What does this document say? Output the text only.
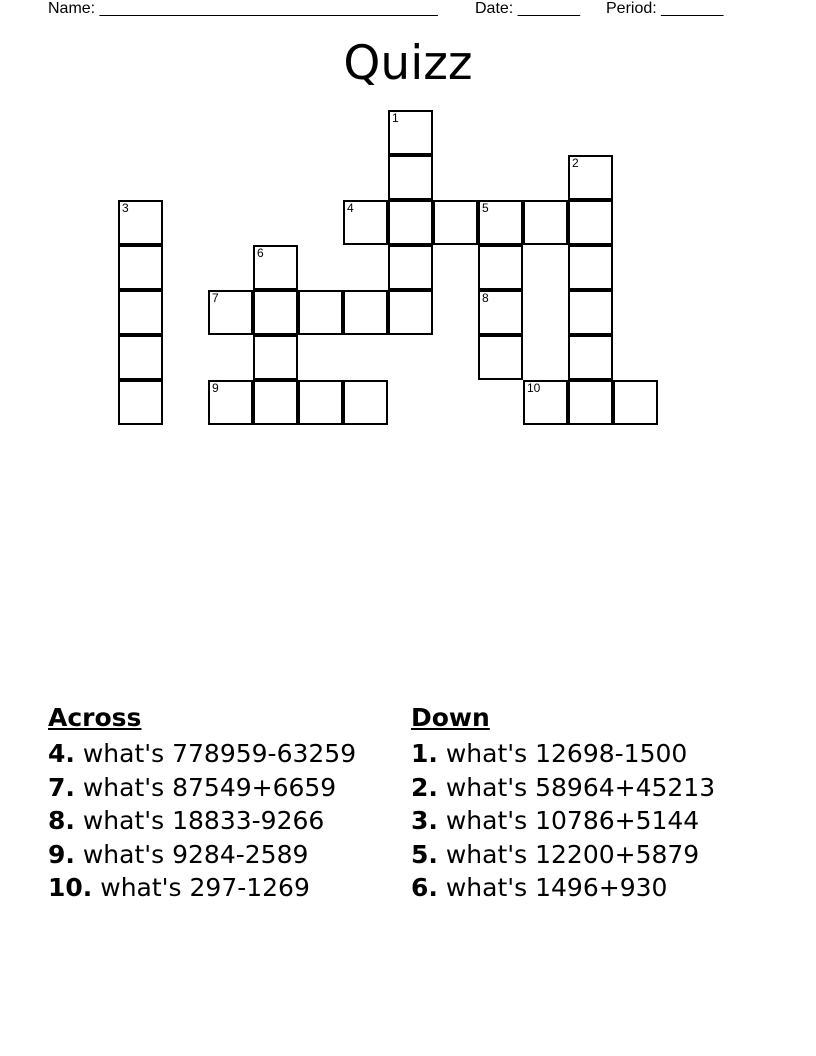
Name: ______________________________________ Date: _______ Period: _______
Quizz
1
2
3	4	5
6
7	8
9	10
Across
4. what's 778959-63259
7. what's 87549+6659
8. what's 18833-9266
9. what's 9284-2589
10. what's 297-1269
Down
1. what's 12698-1500
2. what's 58964+45213
3. what's 10786+5144
5. what's 12200+5879
6. what's 1496+930
